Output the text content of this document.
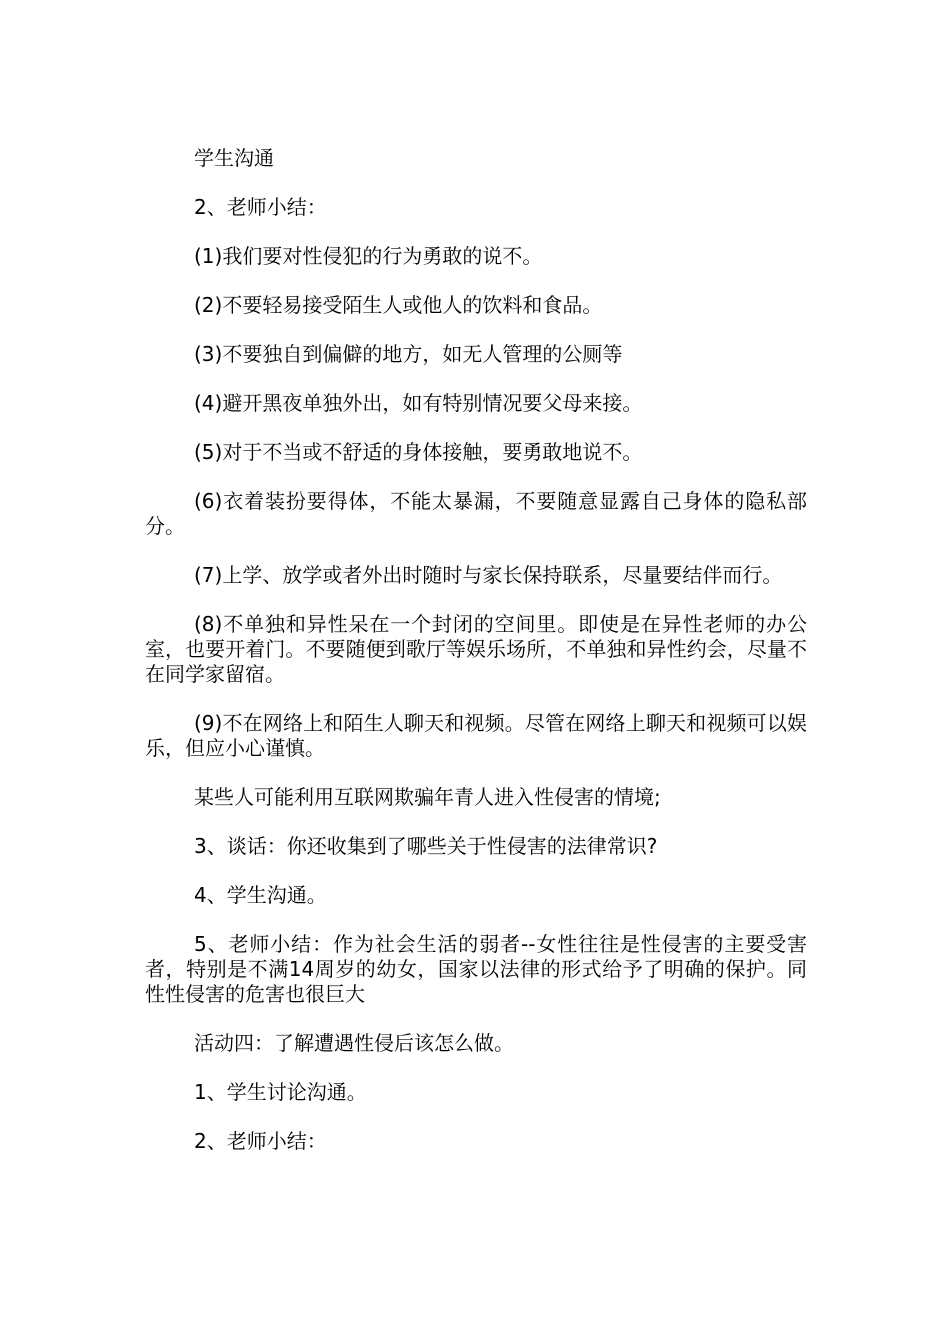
学生沟通

2、老师小结：

(1)我们要对性侵犯的行为勇敢的说不。

(2)不要轻易接受陌生人或他人的饮料和食品。

(3)不要独自到偏僻的地方，如无人管理的公厕等

(4)避开黑夜单独外出，如有特别情况要父母来接。

(5)对于不当或不舒适的身体接触，要勇敢地说不。

(6)衣着装扮要得体，不能太暴漏，不要随意显露自己身体的隐私部分。

(7)上学、放学或者外出时随时与家长保持联系，尽量要结伴而行。

(8)不单独和异性呆在一个封闭的空间里。即使是在异性老师的办公室，也要开着门。不要随便到歌厅等娱乐场所，不单独和异性约会，尽量不在同学家留宿。

(9)不在网络上和陌生人聊天和视频。尽管在网络上聊天和视频可以娱乐，但应小心谨慎。

某些人可能利用互联网欺骗年青人进入性侵害的情境;

3、谈话：你还收集到了哪些关于性侵害的法律常识?

4、学生沟通。

5、老师小结：作为社会生活的弱者--女性往往是性侵害的主要受害者，特别是不满14周岁的幼女，国家以法律的形式给予了明确的保护。同性性侵害的危害也很巨大

活动四：了解遭遇性侵后该怎么做。

1、学生讨论沟通。

2、老师小结：
